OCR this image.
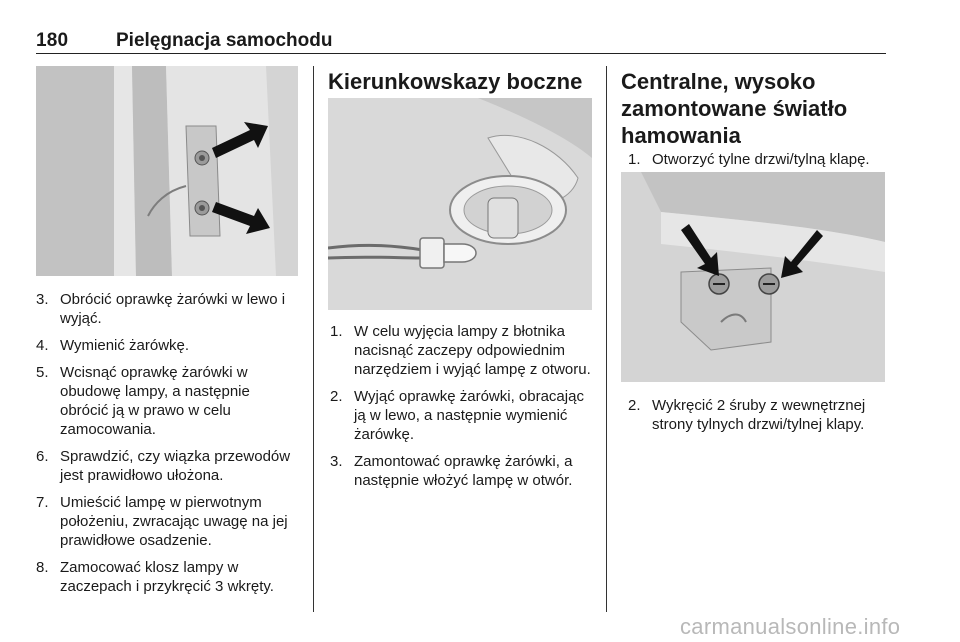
180	Pielęgnacja samochodu
3. Obrócić oprawkę żarówki w lewo i wyjąć.
4. Wymienić żarówkę.
5. Wcisnąć oprawkę żarówki w obudowę lampy, a następnie obrócić ją w prawo w celu zamocowania.
6. Sprawdzić, czy wiązka przewodów jest prawidłowo ułożona.
7. Umieścić lampę w pierwotnym położeniu, zwracając uwagę na jej prawidłowe osadzenie.
8. Zamocować klosz lampy w zaczepach i przykręcić 3 wkręty.
Kierunkowskazy boczne
1. W celu wyjęcia lampy z błotnika nacisnąć zaczepy odpowiednim narzędziem i wyjąć lampę z otworu.
2. Wyjąć oprawkę żarówki, obracając ją w lewo, a następnie wymienić żarówkę.
3. Zamontować oprawkę żarówki, a następnie włożyć lampę w otwór.
Centralne, wysoko
zamontowane światło
hamowania
1. Otworzyć tylne drzwi/tylną klapę.
2. Wykręcić 2 śruby z wewnętrznej strony tylnych drzwi/tylnej klapy.
carmanualsonline.info
